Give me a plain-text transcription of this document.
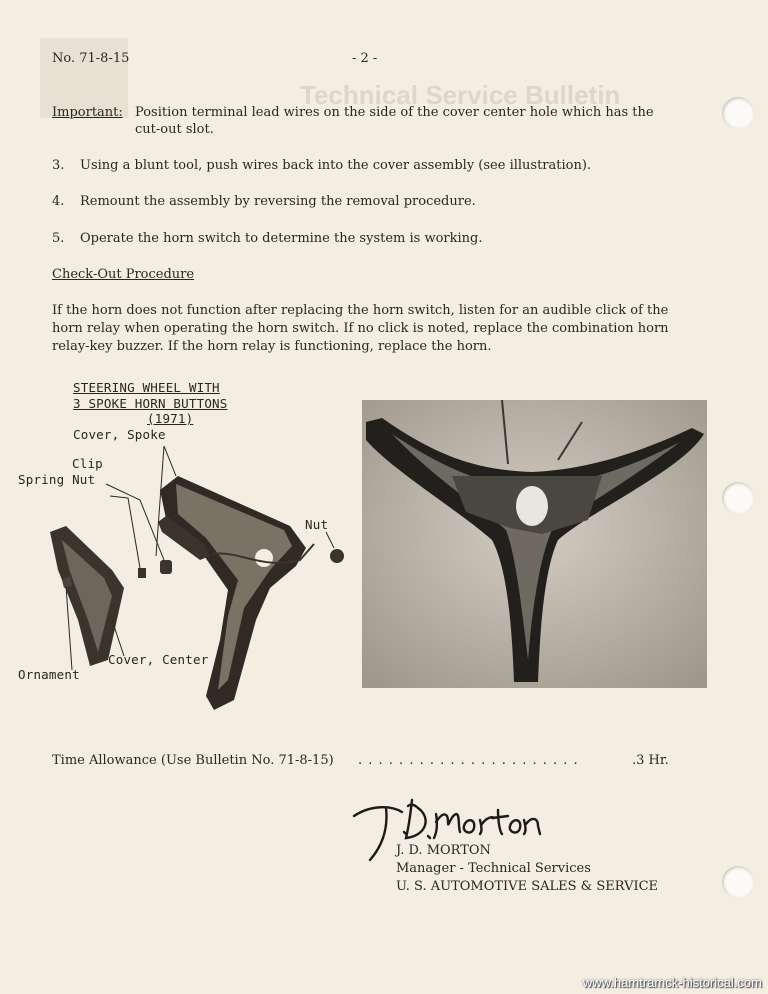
Technical Service Bulletin
No. 71-8-15	- 2 -
Important: Position terminal lead wires on the side of the cover center hole which has the
cut-out slot.
3. Using a blunt tool, push wires back into the cover assembly (see illustration).
4. Remount the assembly by reversing the removal procedure.
5. Operate the horn switch to determine the system is working.
Check-Out Procedure
If the horn does not function after replacing the horn switch, listen for an audible click of the
horn relay when operating the horn switch. If no click is noted, replace the combination horn
relay-key buzzer. If the horn relay is functioning, replace the horn.
STEERING WHEEL WITH
3 SPOKE HORN BUTTONS
(1971)
Cover, Spoke
Clip
Spring Nut
Nut
Cover, Center
Ornament
Time Allowance (Use Bulletin No. 71-8-15) . . . . . . . . . . . . . . . . . . . . . .	.3 Hr.
J. D. MORTON
Manager - Technical Services
U. S. AUTOMOTIVE SALES & SERVICE
www.hamtramck-historical.com
